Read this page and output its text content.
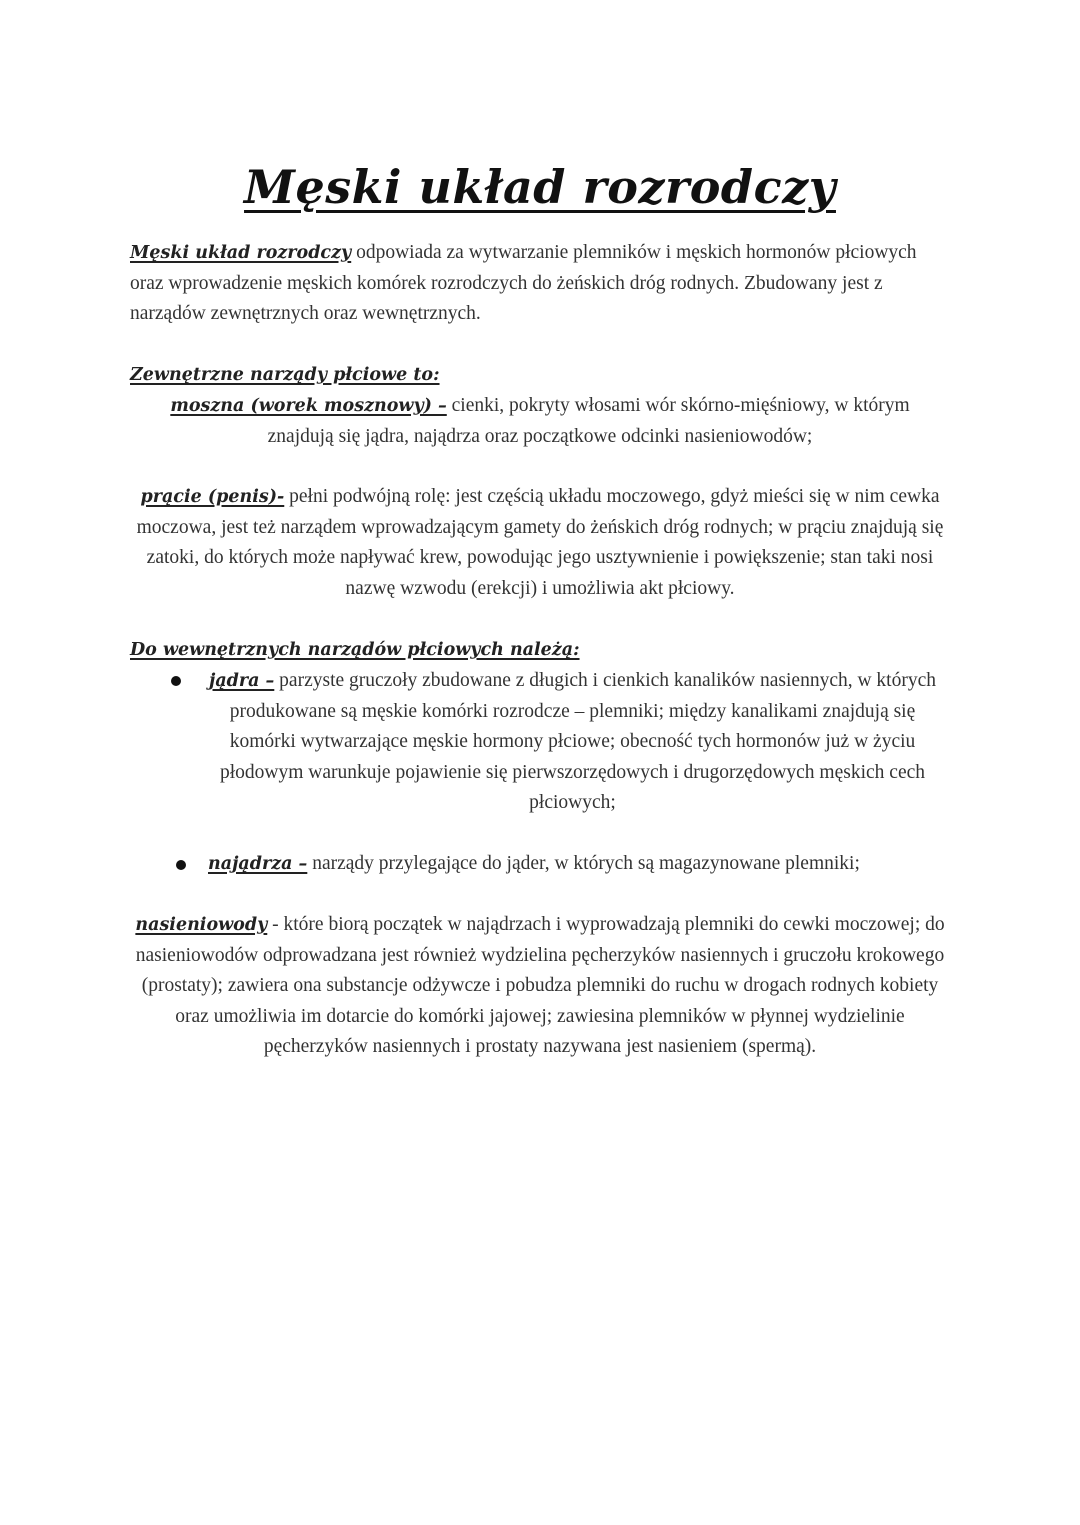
Męski układ rozrodczy
Męski układ rozrodczy odpowiada za wytwarzanie plemników i męskich hormonów płciowych oraz wprowadzenie męskich komórek rozrodczych do żeńskich dróg rodnych. Zbudowany jest z narządów zewnętrznych oraz wewnętrznych.
Zewnętrzne narządy płciowe to:
moszna (worek mosznowy) – cienki, pokryty włosami wór skórno-mięśniowy, w którym znajdują się jądra, najądrza oraz początkowe odcinki nasieniowodów;
prącie (penis)- pełni podwójną rolę: jest częścią układu moczowego, gdyż mieści się w nim cewka moczowa, jest też narządem wprowadzającym gamety do żeńskich dróg rodnych; w prąciu znajdują się zatoki, do których może napływać krew, powodując jego usztywnienie i powiększenie; stan taki nosi nazwę wzwodu (erekcji) i umożliwia akt płciowy.
Do wewnętrznych narządów płciowych należą:
jądra – parzyste gruczoły zbudowane z długich i cienkich kanalików nasiennych, w których produkowane są męskie komórki rozrodcze – plemniki; między kanalikami znajdują się komórki wytwarzające męskie hormony płciowe; obecność tych hormonów już w życiu płodowym warunkuje pojawienie się pierwszorzędowych i drugorzędowych męskich cech płciowych;
najądrza – narządy przylegające do jąder, w których są magazynowane plemniki;
nasieniowody - które biorą początek w najądrzach i wyprowadzają plemniki do cewki moczowej; do nasieniowodów odprowadzana jest również wydzielina pęcherzyków nasiennych i gruczołu krokowego (prostaty); zawiera ona substancje odżywcze i pobudza plemniki do ruchu w drogach rodnych kobiety oraz umożliwia im dotarcie do komórki jajowej; zawiesina plemników w płynnej wydzielinie pęcherzyków nasiennych i prostaty nazywana jest nasieniem (spermą).
